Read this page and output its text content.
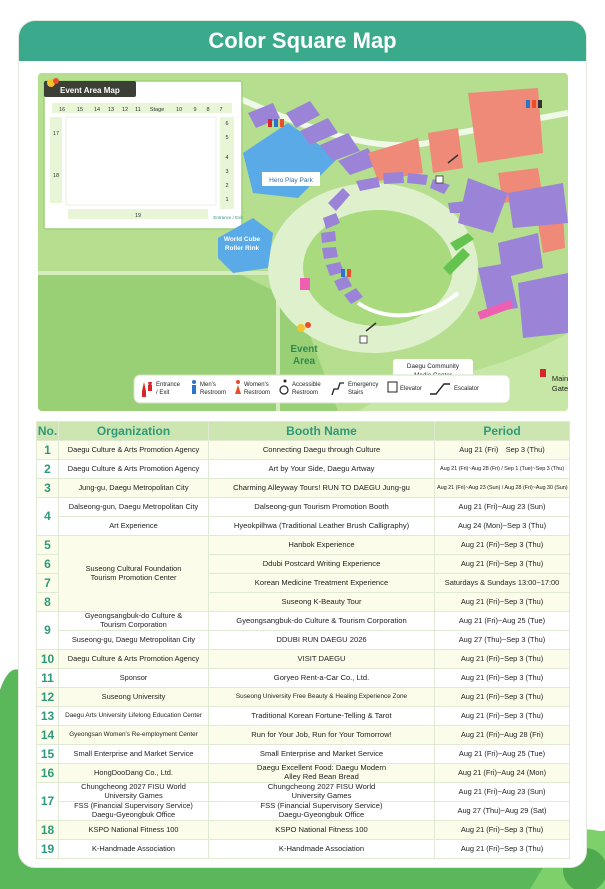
Color Square Map
Event Area Map
16 15 14 13 12 11 Stage 10 9 8 7
6
5
4
3
2
1
17
18
19	Entrance / Exit
Hero Play Park
World Cube
Roller Rink
Event
Area	Daegu Community
Main
Gate
Entrance
/ Exit
Men's
Restroom
Women's
Restroom
Accessible
Restroom
Emergency
Stairs
Elevator	Escalator
No.	Organization	Booth Name	Period
1	Daegu Culture & Arts Promotion Agency	Connecting Daegu through Culture	Aug 21 (Fri)　Sep 3 (Thu)
2	Daegu Culture & Arts Promotion Agency	Art by Your Side, Daegu Artway	Aug 21 (Fri)~Aug 28 (Fri) / Sep 1 (Tue)~Sep 3 (Thu)
3	Jung-gu, Daegu Metropolitan City	Charming Alleyway Tours! RUN TO DAEGU Jung-gu	Aug 21 (Fri)~Aug 23 (Sun) / Aug 28 (Fri)~Aug 30 (Sun)
4	Dalseong-gun, Daegu Metropolitan City	Dalseong-gun Tourism Promotion Booth	Aug 21 (Fri)~Aug 23 (Sun)
	Art Experience	Hyeokpilhwa (Traditional Leather Brush Calligraphy)	Aug 24 (Mon)~Sep 3 (Thu)
5	Suseong Cultural Foundation
Tourism Promotion Center	Hanbok Experience	Aug 21 (Fri)~Sep 3 (Thu)
6		Ddubi Postcard Writing Experience	Aug 21 (Fri)~Sep 3 (Thu)
7		Korean Medicine Treatment Experience	Saturdays & Sundays 13:00~17:00
8		Suseong K-Beauty Tour	Aug 21 (Fri)~Sep 3 (Thu)
9	Gyeongsangbuk-do Culture &
Tourism Corporation	Gyeongsangbuk-do Culture & Tourism Corporation	Aug 21 (Fri)~Aug 25 (Tue)
	Suseong-gu, Daegu Metropolitan City	DDUBI RUN DAEGU 2026	Aug 27 (Thu)~Sep 3 (Thu)
10	Daegu Culture & Arts Promotion Agency	VISIT DAEGU	Aug 21 (Fri)~Sep 3 (Thu)
11	Sponsor	Goryeo Rent-a-Car Co., Ltd.	Aug 21 (Fri)~Sep 3 (Thu)
12	Suseong University	Suseong University Free Beauty & Healing Experience Zone	Aug 21 (Fri)~Sep 3 (Thu)
13	Daegu Arts University Lifelong Education Center	Traditional Korean Fortune-Telling & Tarot	Aug 21 (Fri)~Sep 3 (Thu)
14	Gyeongsan Women's Re-employment Center	Run for Your Job, Run for Your Tomorrow!	Aug 21 (Fri)~Aug 28 (Fri)
15	Small Enterprise and Market Service	Small Enterprise and Market Service	Aug 21 (Fri)~Aug 25 (Tue)
16	HongDooDang Co., Ltd.	Daegu Excellent Food: Daegu Modern
Alley Red Bean Bread	Aug 21 (Fri)~Aug 24 (Mon)
17	Chungcheong 2027 FISU World
University Games	Chungcheong 2027 FISU World
University Games	Aug 21 (Fri)~Aug 23 (Sun)
	FSS (Financial Supervisory Service)
Daegu-Gyeongbuk Office	FSS (Financial Supervisory Service)
Daegu-Gyeongbuk Office	Aug 27 (Thu)~Aug 29 (Sat)
18	KSPO National Fitness 100	KSPO National Fitness 100	Aug 21 (Fri)~Sep 3 (Thu)
19	K-Handmade Association	K-Handmade Association	Aug 21 (Fri)~Sep 3 (Thu)
